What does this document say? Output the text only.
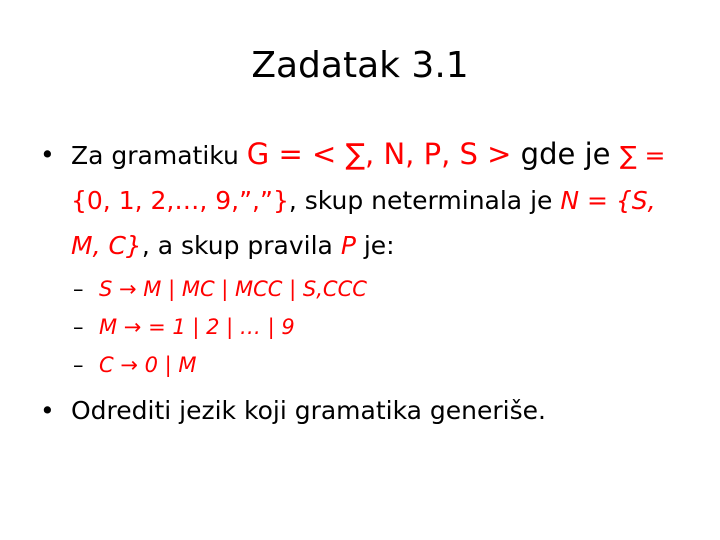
Zadatak 3.1
• Za gramatiku G = < ∑, N, P, S > gde je ∑ = {0, 1, 2,…, 9,”,”}, skup neterminala je N = {S, M, C}, a skup pravila P je:
– S → M | MC | MCC | S,CCC
– M → = 1 | 2 | … | 9
– C → 0 | M
• Odrediti jezik koji gramatika generiše.
